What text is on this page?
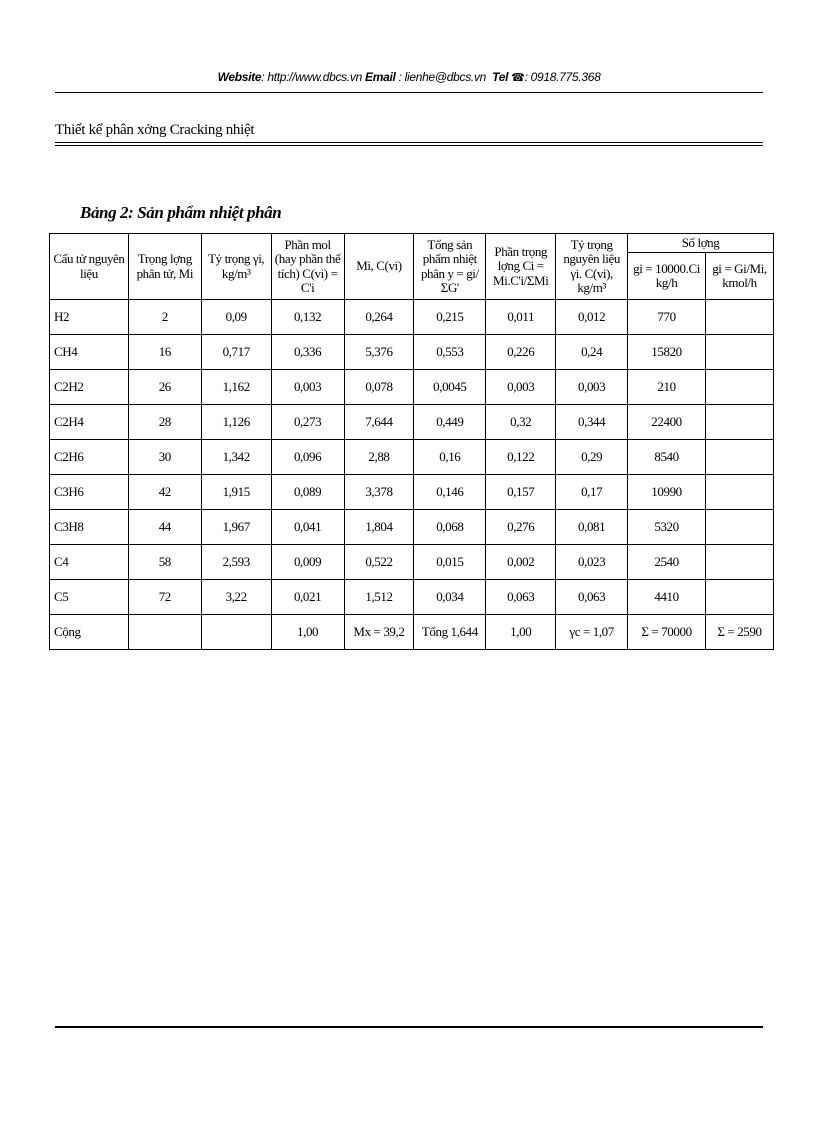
Website: http://www.dbcs.vn Email : lienhe@dbcs.vn Tel ☎: 0918.775.368
Thiết kế phân xởng Cracking nhiệt
Bảng 2: Sản phẩm nhiệt phân
Cấu tử nguyên liệu	Trọng lợng phân tử, Mi	Tỷ trọng γi, kg/m³	Phần mol (hay phần thể tích) C(vi) = C'i	Mi, C(vi)	Tổng sản phẩm nhiệt phân y = gi/ΣG'	Phần trọng lợng Ci = Mi.C'i/ΣMi	Tỷ trọng nguyên liệu γi. C(vi), kg/m³	Số lợng	
								gi = 10000.Ci kg/h	gi = Gi/Mi, kmol/h
H2	2	0,09	0,132	0,264	0,215	0,011	0,012	770	
CH4	16	0,717	0,336	5,376	0,553	0,226	0,24	15820	
C2H2	26	1,162	0,003	0,078	0,0045	0,003	0,003	210	
C2H4	28	1,126	0,273	7,644	0,449	0,32	0,344	22400	
C2H6	30	1,342	0,096	2,88	0,16	0,122	0,29	8540	
C3H6	42	1,915	0,089	3,378	0,146	0,157	0,17	10990	
C3H8	44	1,967	0,041	1,804	0,068	0,276	0,081	5320	
C4	58	2,593	0,009	0,522	0,015	0,002	0,023	2540	
C5	72	3,22	0,021	1,512	0,034	0,063	0,063	4410	
Cộng			1,00	Mx = 39,2	Tổng 1,644	1,00	γc = 1,07	Σ = 70000	Σ = 2590
